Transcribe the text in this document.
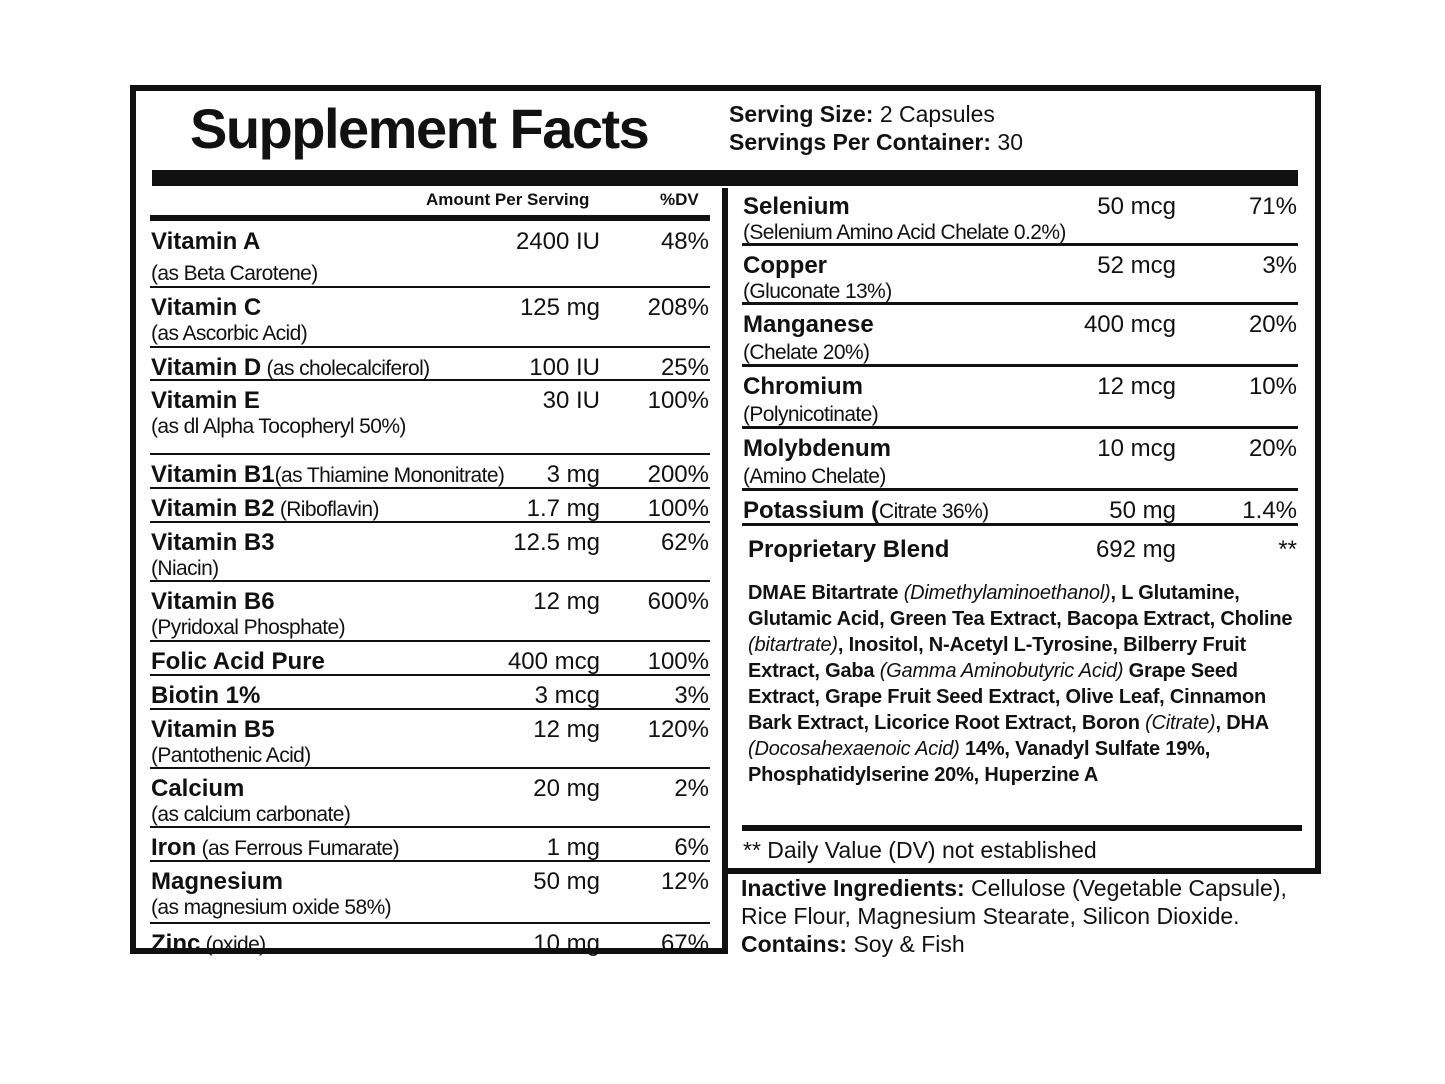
Supplement Facts	Serving Size: 2 Capsules
Servings Per Container: 30
Amount Per Serving	%DV
Vitamin A
(as Beta Carotene)
2400 IU	48%
Vitamin C
(as Ascorbic Acid)
125 mg 208%
Vitamin D (as cholecalciferol)	100 IU	25%
Vitamin E
(as dl Alpha Tocopheryl 50%)
30 IU 100%
Vitamin B1(as Thiamine Mononitrate) 3 mg 200%
Vitamin B2 (Riboflavin)	1.7 mg 100%
Vitamin B3
(Niacin)
12.5 mg	62%
Vitamin B6
(Pyridoxal Phosphate)
12 mg 600%
Folic Acid Pure	400 mcg 100%
Biotin 1%	3 mcg	3%
Vitamin B5
(Pantothenic Acid)
12 mg 120%
Calcium
(as calcium carbonate)
20 mg	2%
Iron (as Ferrous Fumarate)	1 mg	6%
Magnesium
(as magnesium oxide 58%)
50 mg	12%
Zinc (oxide)	10 mg	67%
Selenium
(Selenium Amino Acid Chelate 0.2%)
50 mcg	71%
Copper
(Gluconate 13%)
52 mcg	3%
Manganese
(Chelate 20%)
400 mcg	20%
Chromium
(Polynicotinate)
12 mcg	10%
Molybdenum
(Amino Chelate)
10 mcg	20%
Potassium (Citrate 36%)	50 mg	1.4%
Proprietary Blend	692 mg	**
DMAE Bitartrate (Dimethylaminoethanol), L Glutamine, Glutamic Acid, Green Tea Extract, Bacopa Extract, Choline (bitartrate), Inositol, N-Acetyl L-Tyrosine, Bilberry Fruit Extract, Gaba (Gamma Aminobutyric Acid) Grape Seed Extract, Grape Fruit Seed Extract, Olive Leaf, Cinnamon Bark Extract, Licorice Root Extract, Boron (Citrate), DHA (Docosahexaenoic Acid) 14%, Vanadyl Sulfate 19%, Phosphatidylserine 20%, Huperzine A
** Daily Value (DV) not established
Inactive Ingredients: Cellulose (Vegetable Capsule), Rice Flour, Magnesium Stearate, Silicon Dioxide.
Contains: Soy & Fish
